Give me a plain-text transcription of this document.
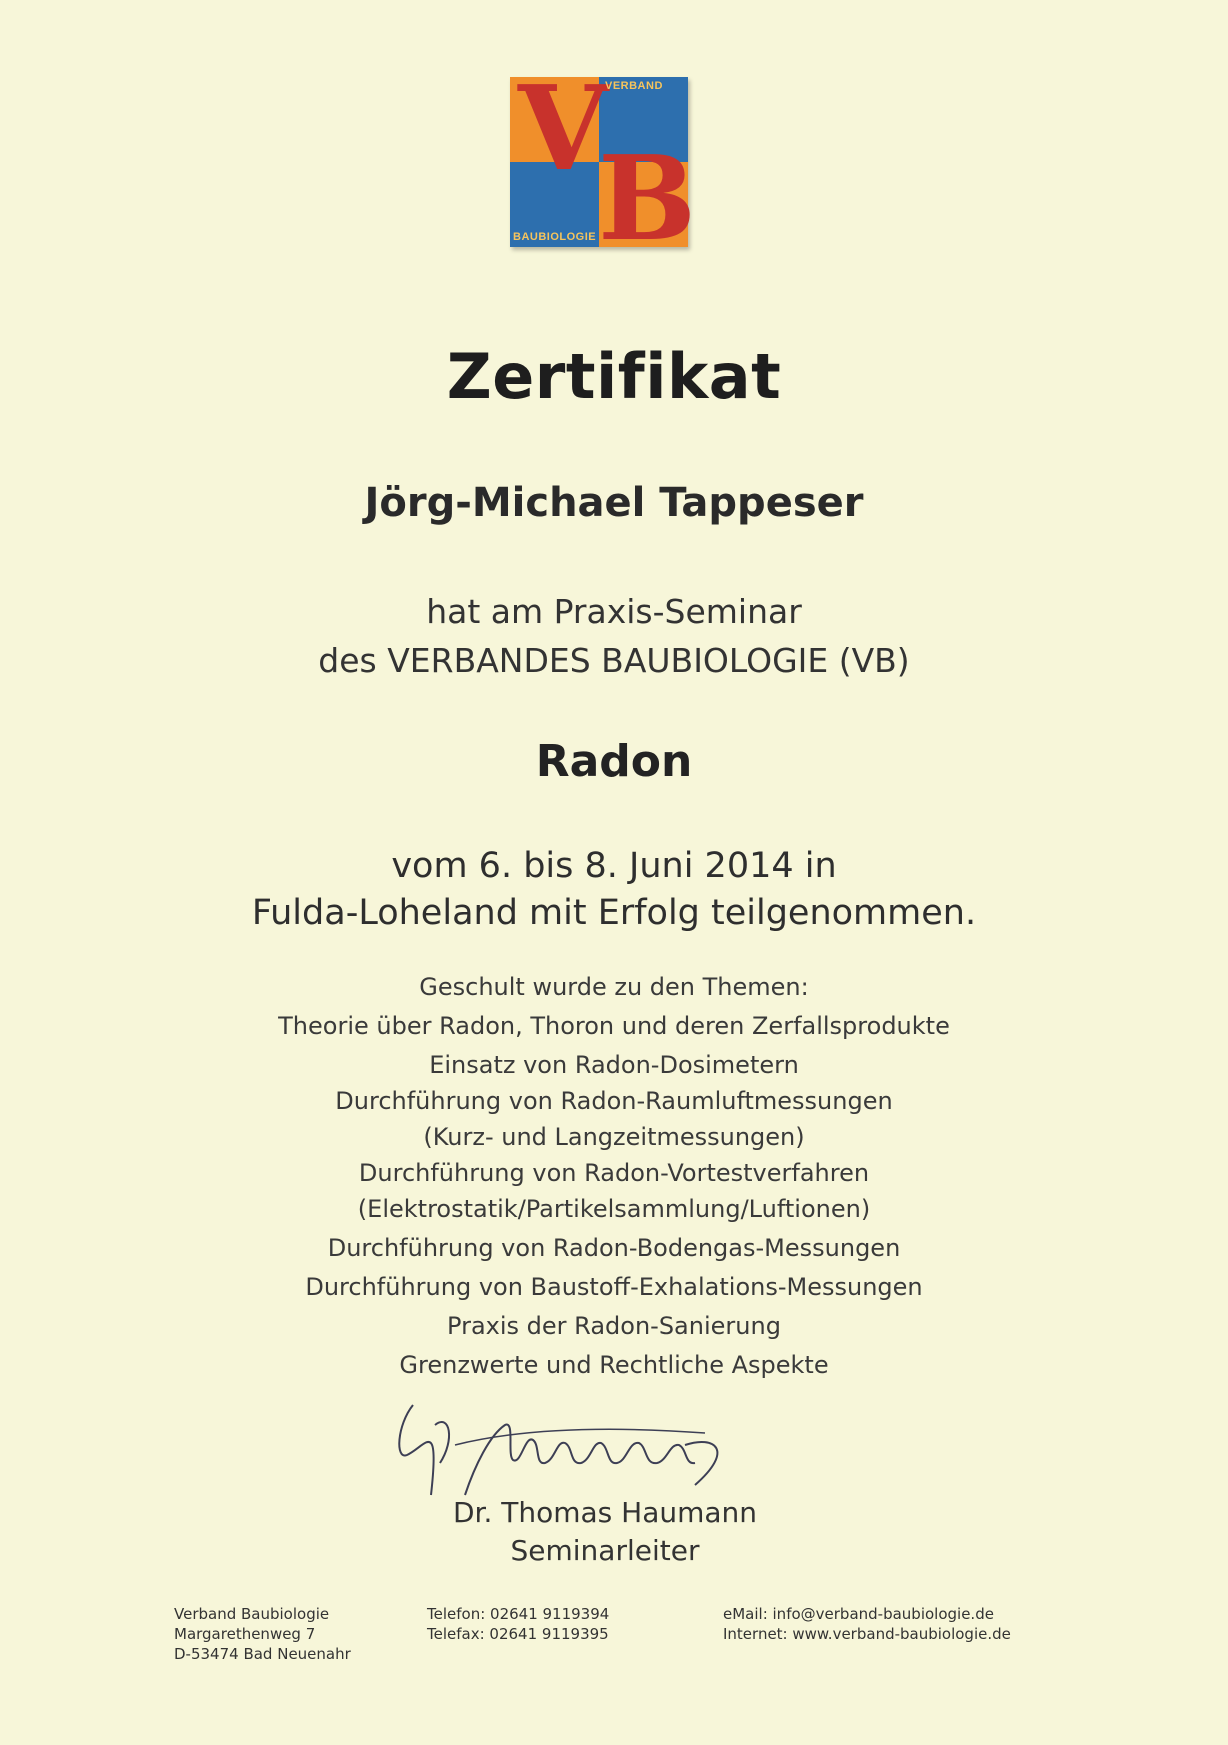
V
B
VERBAND
BAUBIOLOGIE
Zertifikat
Jörg-Michael Tappeser
hat am Praxis-Seminar
des VERBANDES BAUBIOLOGIE (VB)
Radon
vom 6. bis 8. Juni 2014 in
Fulda-Loheland mit Erfolg teilgenommen.
Geschult wurde zu den Themen:
Theorie über Radon, Thoron und deren Zerfallsprodukte
Einsatz von Radon-Dosimetern
Durchführung von Radon-Raumluftmessungen
(Kurz- und Langzeitmessungen)
Durchführung von Radon-Vortestverfahren
(Elektrostatik/Partikelsammlung/Luftionen)
Durchführung von Radon-Bodengas-Messungen
Durchführung von Baustoff-Exhalations-Messungen
Praxis der Radon-Sanierung
Grenzwerte und Rechtliche Aspekte
Dr. Thomas Haumann
Seminarleiter
Verband Baubiologie
Margarethenweg 7
D-53474 Bad Neuenahr
Telefon: 02641 9119394
Telefax: 02641 9119395
eMail: info@verband-baubiologie.de
Internet: www.verband-baubiologie.de
